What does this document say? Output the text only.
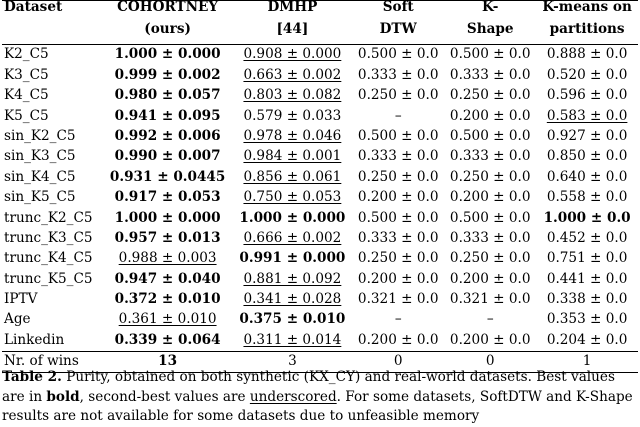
Dataset	COHORTNEY	DMHP	Soft	K-	K-means on
	(ours)	[44]	DTW	Shape	partitions
K2_C5	1.000 ± 0.000	0.908 ± 0.000	0.500 ± 0.0	0.500 ± 0.0	0.888 ± 0.0
K3_C5	0.999 ± 0.002	0.663 ± 0.002	0.333 ± 0.0	0.333 ± 0.0	0.520 ± 0.0
K4_C5	0.980 ± 0.057	0.803 ± 0.082	0.250 ± 0.0	0.250 ± 0.0	0.596 ± 0.0
K5_C5	0.941 ± 0.095	0.579 ± 0.033	–	0.200 ± 0.0	0.583 ± 0.0
sin_K2_C5	0.992 ± 0.006	0.978 ± 0.046	0.500 ± 0.0	0.500 ± 0.0	0.927 ± 0.0
sin_K3_C5	0.990 ± 0.007	0.984 ± 0.001	0.333 ± 0.0	0.333 ± 0.0	0.850 ± 0.0
sin_K4_C5	0.931 ± 0.0445	0.856 ± 0.061	0.250 ± 0.0	0.250 ± 0.0	0.640 ± 0.0
sin_K5_C5	0.917 ± 0.053	0.750 ± 0.053	0.200 ± 0.0	0.200 ± 0.0	0.558 ± 0.0
trunc_K2_C5	1.000 ± 0.000	1.000 ± 0.000	0.500 ± 0.0	0.500 ± 0.0	1.000 ± 0.0
trunc_K3_C5	0.957 ± 0.013	0.666 ± 0.002	0.333 ± 0.0	0.333 ± 0.0	0.452 ± 0.0
trunc_K4_C5	0.988 ± 0.003	0.991 ± 0.000	0.250 ± 0.0	0.250 ± 0.0	0.751 ± 0.0
trunc_K5_C5	0.947 ± 0.040	0.881 ± 0.092	0.200 ± 0.0	0.200 ± 0.0	0.441 ± 0.0
IPTV	0.372 ± 0.010	0.341 ± 0.028	0.321 ± 0.0	0.321 ± 0.0	0.338 ± 0.0
Age	0.361 ± 0.010	0.375 ± 0.010	–	–	0.353 ± 0.0
Linkedin	0.339 ± 0.064	0.311 ± 0.014	0.200 ± 0.0	0.200 ± 0.0	0.204 ± 0.0
Nr. of wins	13	3	0	0	1
Table 2. Purity, obtained on both synthetic (KX_CY) and real-world datasets. Best values are in bold, second-best values are underscored. For some datasets, SoftDTW and K-Shape results are not available for some datasets due to unfeasible memory
